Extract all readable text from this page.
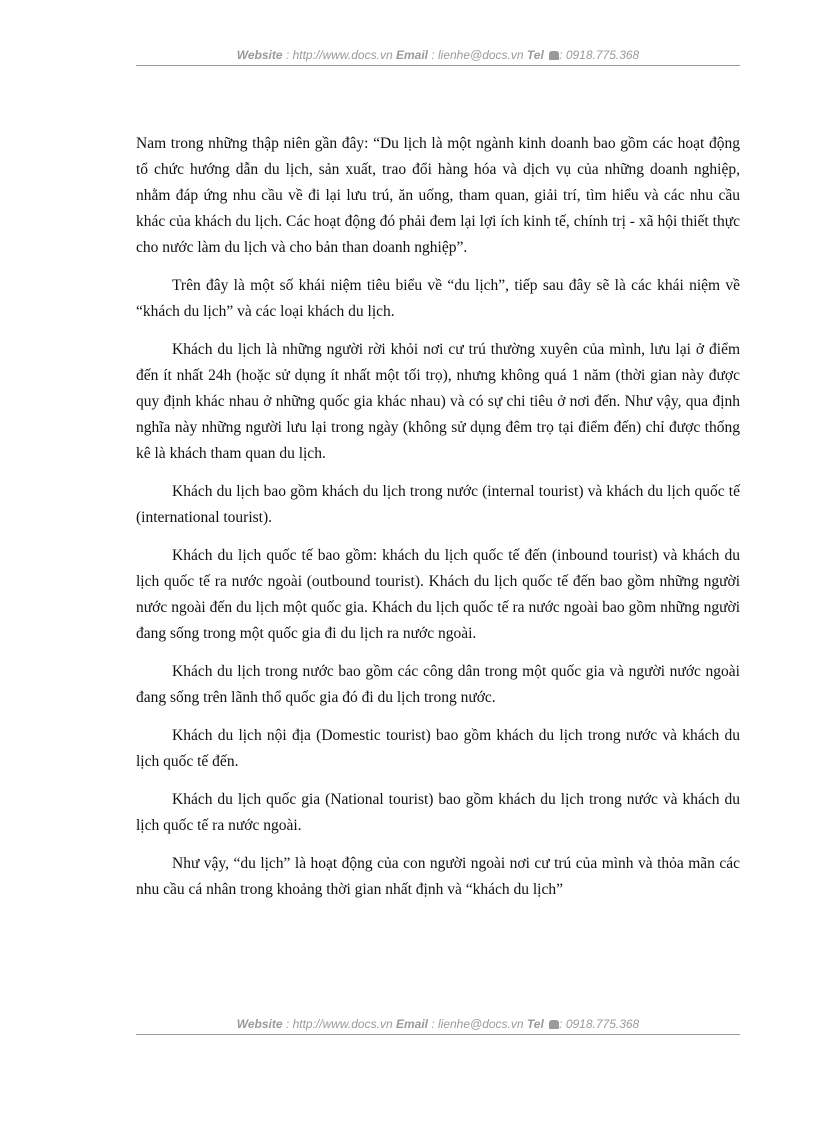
Website : http://www.docs.vn Email : lienhe@docs.vn Tel : 0918.775.368

Nam trong những thập niên gần đây: “Du lịch là một ngành kinh doanh bao gồm các hoạt động tổ chức hướng dẫn du lịch, sản xuất, trao đổi hàng hóa và dịch vụ của những doanh nghiệp, nhằm đáp ứng nhu cầu về đi lại lưu trú, ăn uống, tham quan, giải trí, tìm hiểu và các nhu cầu khác của khách du lịch. Các hoạt động đó phải đem lại lợi ích kinh tế, chính trị - xã hội thiết thực cho nước làm du lịch và cho bản than doanh nghiệp”.

Trên đây là một số khái niệm tiêu biểu về “du lịch”, tiếp sau đây sẽ là các khái niệm về “khách du lịch” và các loại khách du lịch.

Khách du lịch là những người rời khỏi nơi cư trú thường xuyên của mình, lưu lại ở điểm đến ít nhất 24h (hoặc sử dụng ít nhất một tối trọ), nhưng không quá 1 năm (thời gian này được quy định khác nhau ở những quốc gia khác nhau) và có sự chi tiêu ở nơi đến. Như vậy, qua định nghĩa này những người lưu lại trong ngày (không sử dụng đêm trọ tại điểm đến) chỉ được thống kê là khách tham quan du lịch.

Khách du lịch bao gồm khách du lịch trong nước (internal tourist) và khách du lịch quốc tế (international tourist).

Khách du lịch quốc tế bao gồm: khách du lịch quốc tế đến (inbound tourist) và khách du lịch quốc tế ra nước ngoài (outbound tourist). Khách du lịch quốc tế đến bao gồm những người nước ngoài đến du lịch một quốc gia. Khách du lịch quốc tế ra nước ngoài bao gồm những người đang sống trong một quốc gia đi du lịch ra nước ngoài.

Khách du lịch trong nước bao gồm các công dân trong một quốc gia và người nước ngoài đang sống trên lãnh thổ quốc gia đó đi du lịch trong nước.

Khách du lịch nội địa (Domestic tourist) bao gồm khách du lịch trong nước và khách du lịch quốc tế đến.

Khách du lịch quốc gia (National tourist) bao gồm khách du lịch trong nước và khách du lịch quốc tế ra nước ngoài.

Như vậy, “du lịch” là hoạt động của con người ngoài nơi cư trú của mình và thỏa mãn các nhu cầu cá nhân trong khoảng thời gian nhất định và “khách du lịch”

Website : http://www.docs.vn Email : lienhe@docs.vn Tel : 0918.775.368
